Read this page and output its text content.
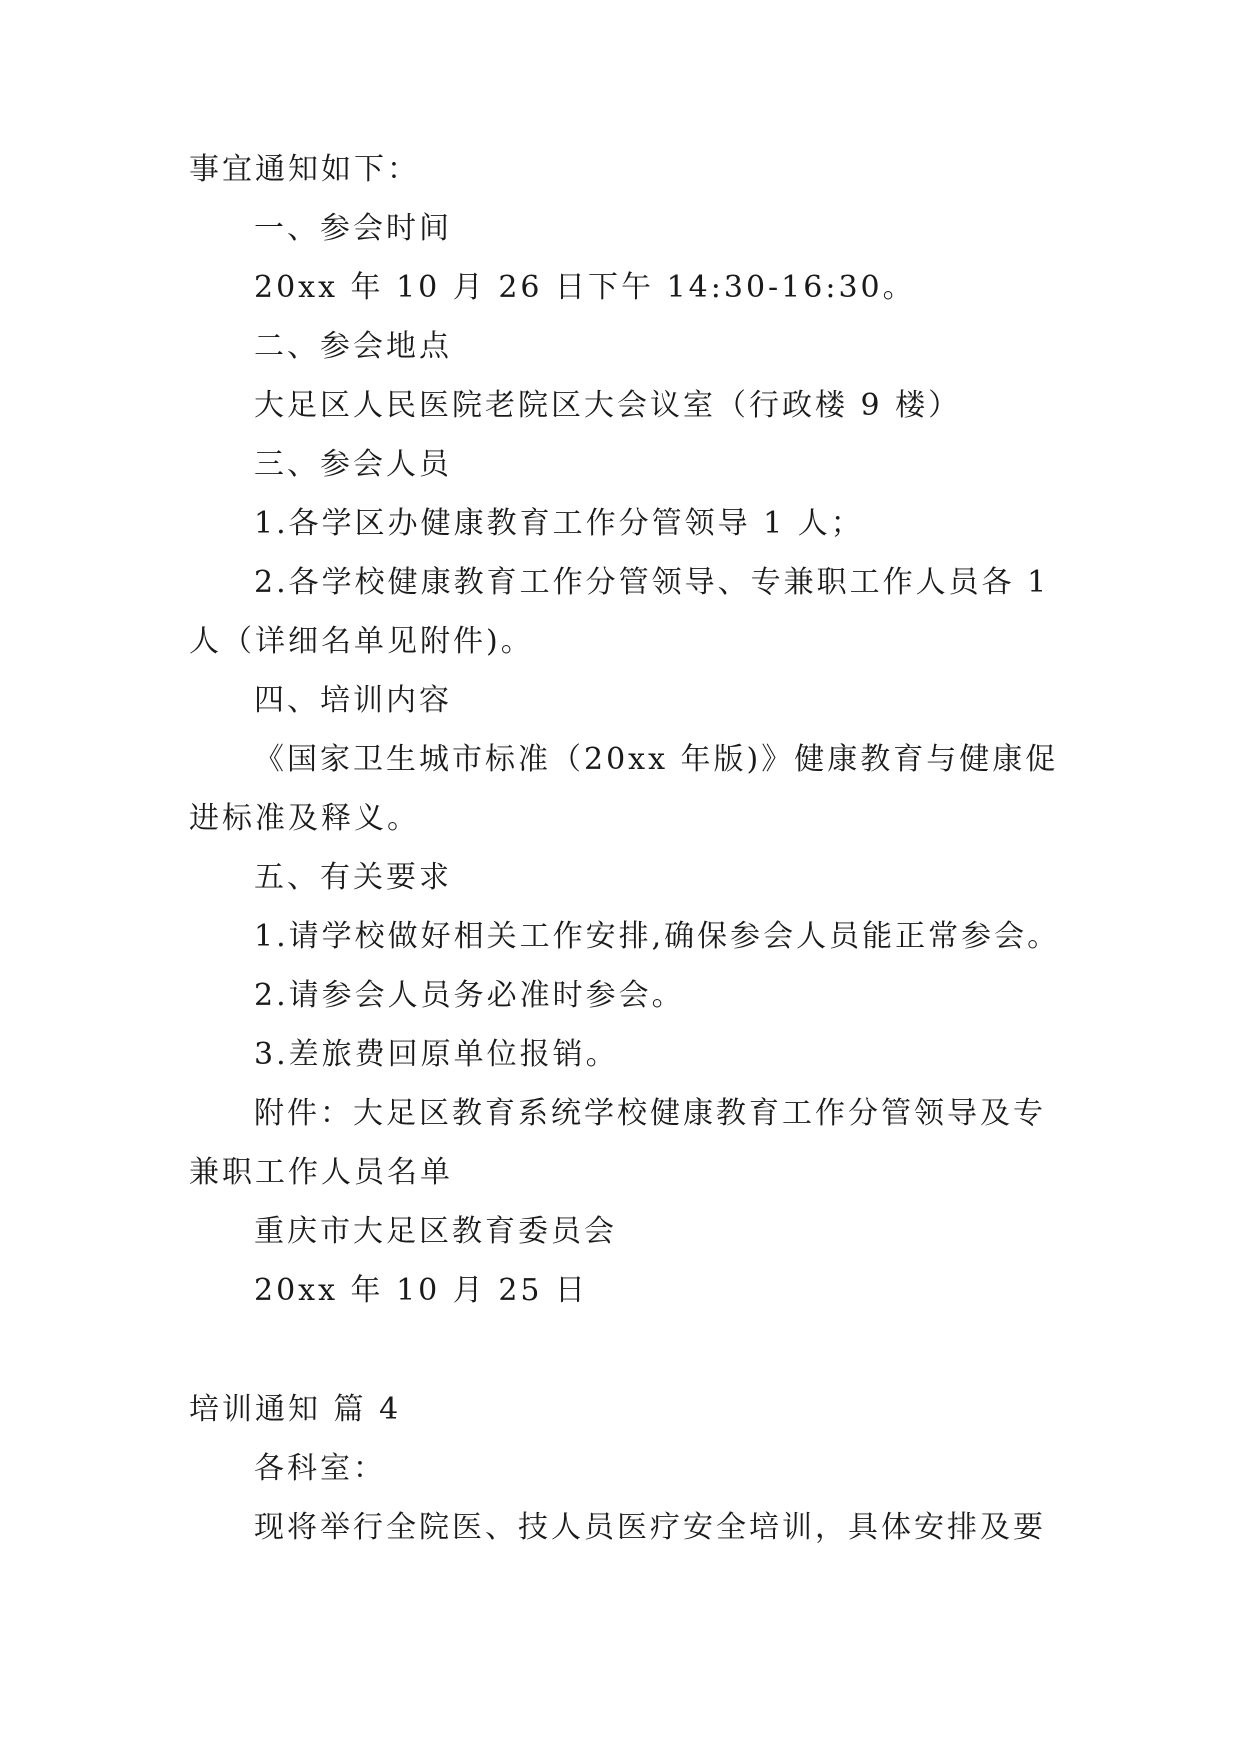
事宜通知如下：
一、参会时间
20xx 年 10 月 26 日下午 14:30-16:30。
二、参会地点
大足区人民医院老院区大会议室（行政楼 9 楼）
三、参会人员
1.各学区办健康教育工作分管领导 1 人；
2.各学校健康教育工作分管领导、专兼职工作人员各 1
人（详细名单见附件)。
四、培训内容
《国家卫生城市标准（20xx 年版)》健康教育与健康促
进标准及释义。
五、有关要求
1.请学校做好相关工作安排,确保参会人员能正常参会。
2.请参会人员务必准时参会。
3.差旅费回原单位报销。
附件：大足区教育系统学校健康教育工作分管领导及专
兼职工作人员名单
重庆市大足区教育委员会
20xx 年 10 月 25 日
培训通知 篇 4
各科室：
现将举行全院医、技人员医疗安全培训，具体安排及要
